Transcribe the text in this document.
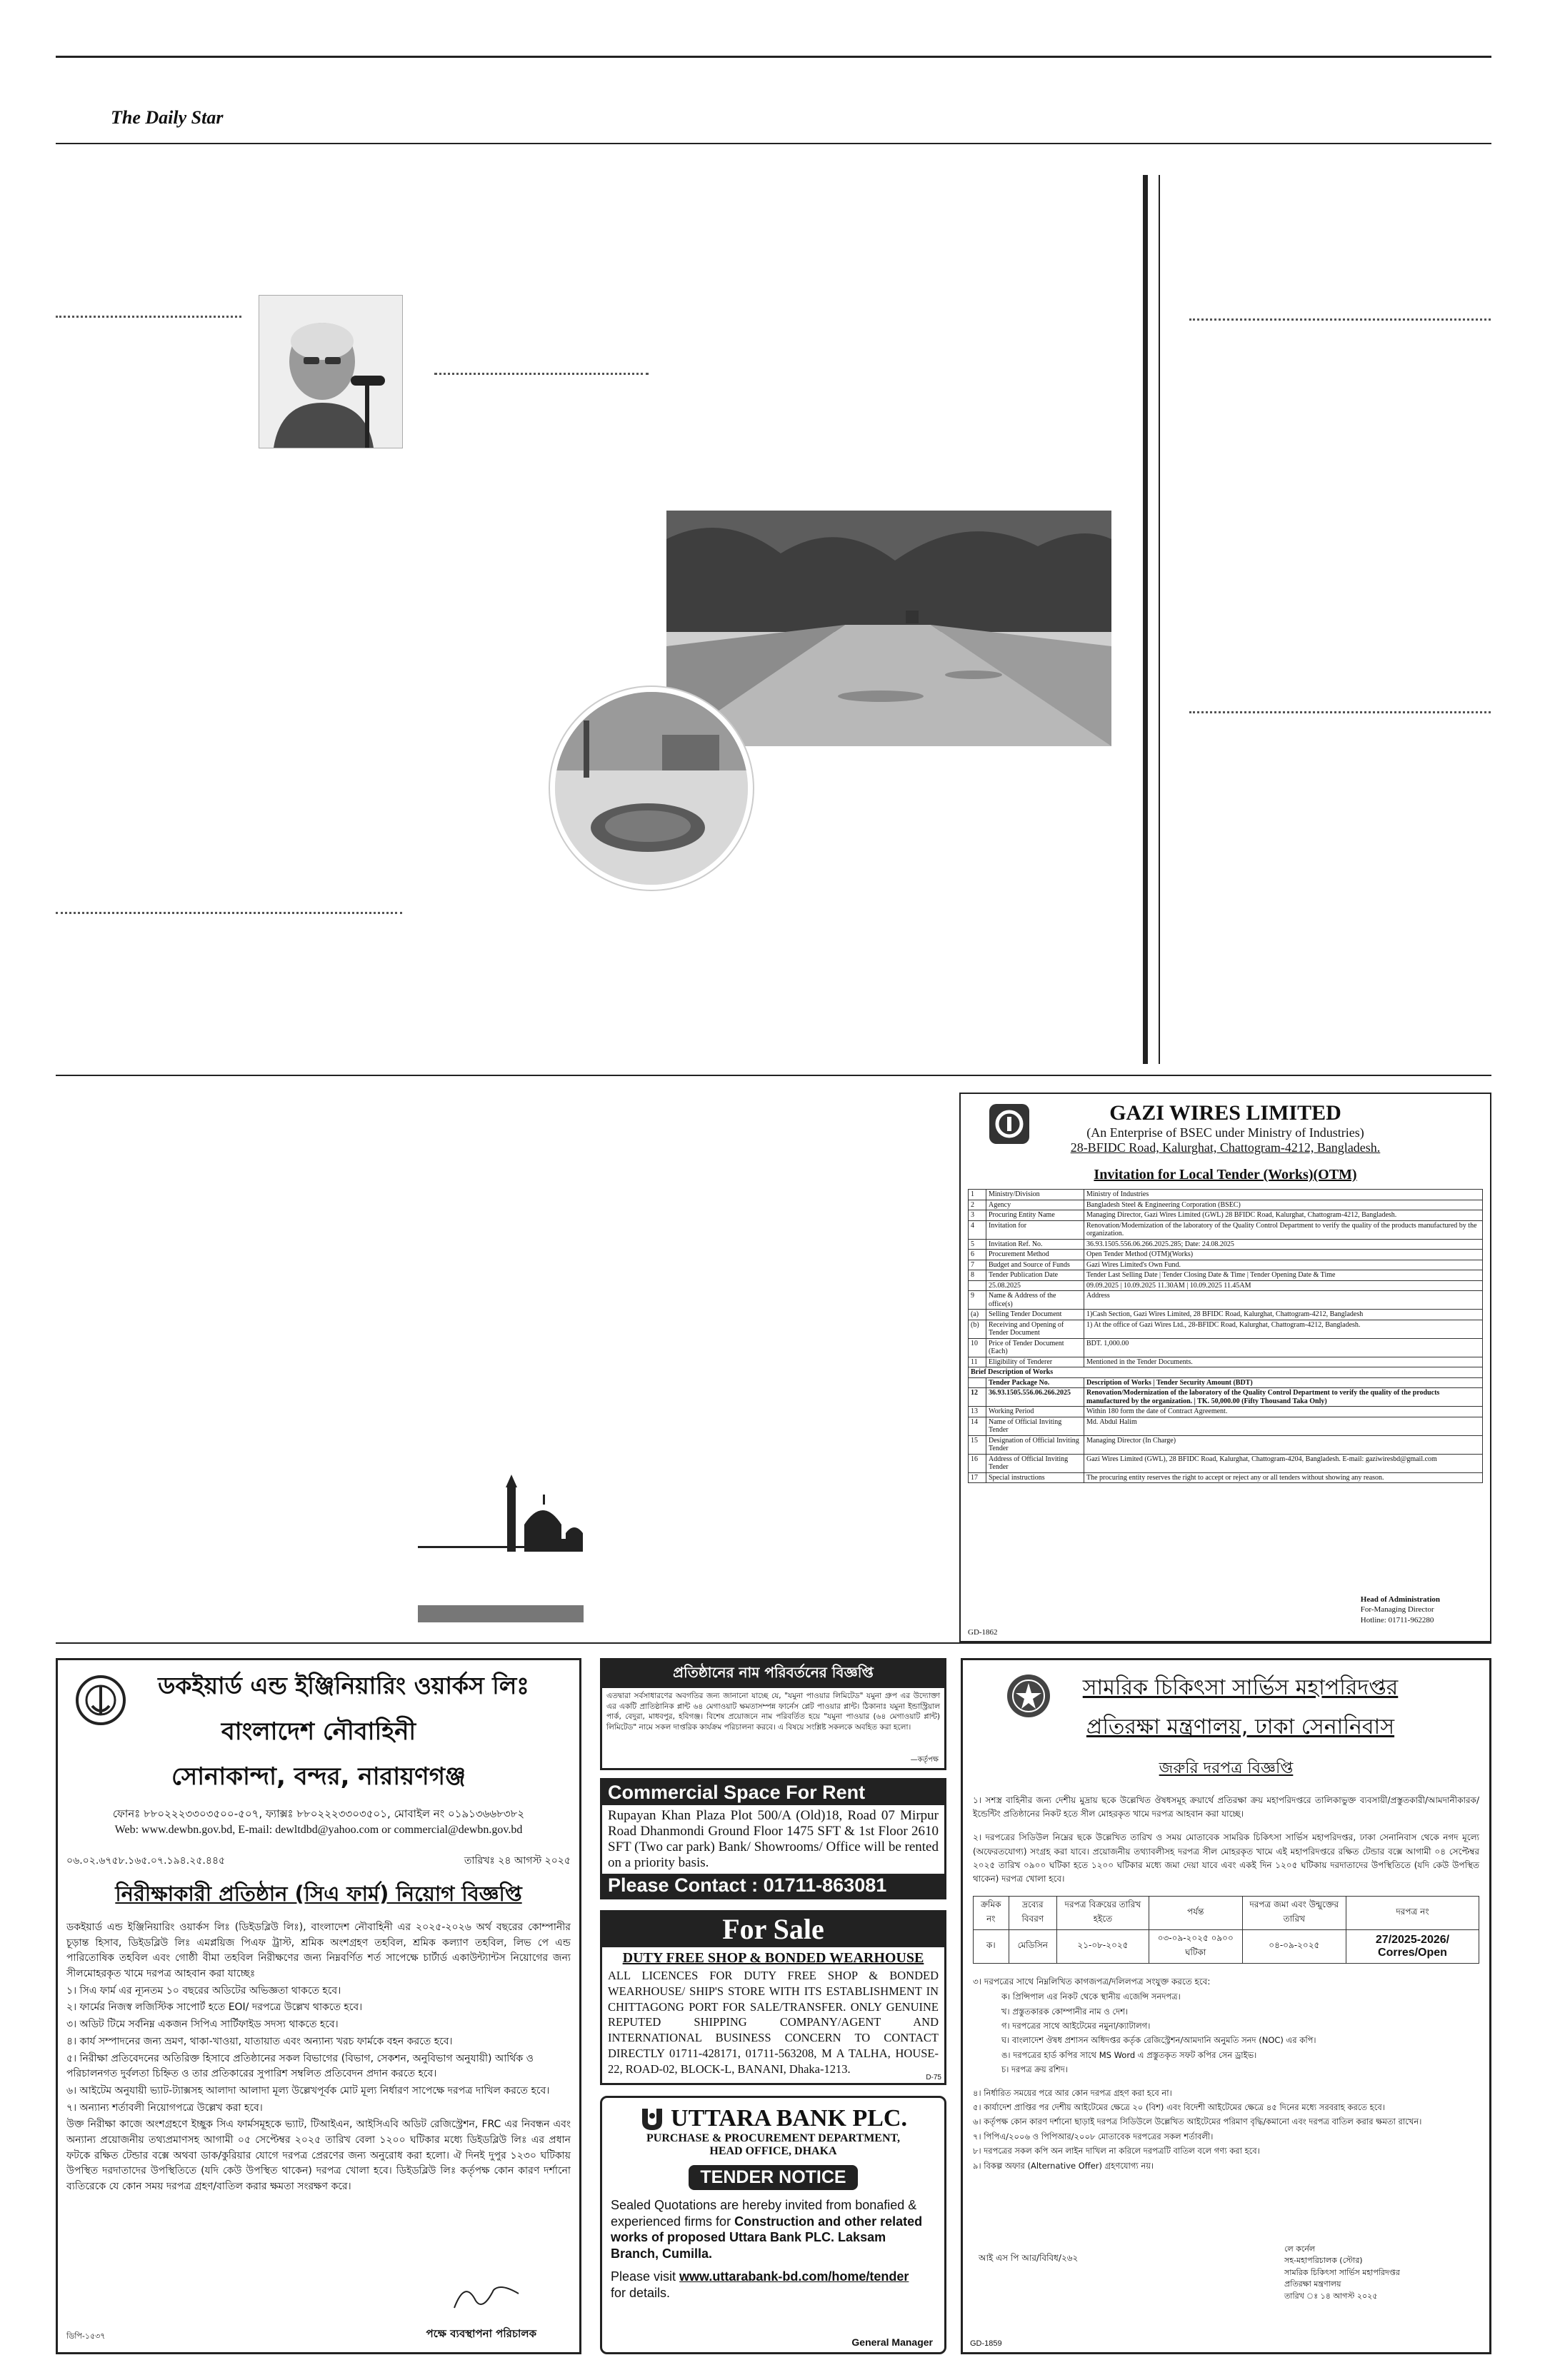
The Daily Star
GAZI WIRES LIMITED
(An Enterprise of BSEC under Ministry of Industries)
28-BFIDC Road, Kalurghat, Chattogram-4212, Bangladesh.
Invitation for Local Tender (Works)(OTM)
1	Ministry/Division	Ministry of Industries
2	Agency	Bangladesh Steel & Engineering Corporation (BSEC)
3	Procuring Entity Name	Managing Director, Gazi Wires Limited (GWL) 28 BFIDC Road, Kalurghat, Chattogram-4212, Bangladesh.
4	Invitation for	Renovation/Modernization of the laboratory of the Quality Control Department to verify the quality of the products manufactured by the organization.
5	Invitation Ref. No.	36.93.1505.556.06.266.2025.285; Date: 24.08.2025
6	Procurement Method	Open Tender Method (OTM)(Works)
7	Budget and Source of Funds	Gazi Wires Limited's Own Fund.
8	Tender Publication Date	Tender Last Selling Date | Tender Closing Date & Time | Tender Opening Date & Time
	25.08.2025	09.09.2025 | 10.09.2025 11.30AM | 10.09.2025 11.45AM
9	Name & Address of the office(s)	Address
(a)	Selling Tender Document	1)Cash Section, Gazi Wires Limited, 28 BFIDC Road, Kalurghat, Chattogram-4212, Bangladesh
(b)	Receiving and Opening of Tender Document	1) At the office of Gazi Wires Ltd., 28-BFIDC Road, Kalurghat, Chattogram-4212, Bangladesh.
10	Price of Tender Document (Each)	BDT. 1,000.00
11	Eligibility of Tenderer	Mentioned in the Tender Documents.
Brief Description of Works		
	Tender Package No.	Description of Works | Tender Security Amount (BDT)
12	36.93.1505.556.06.266.2025	Renovation/Modernization of the laboratory of the Quality Control Department to verify the quality of the products manufactured by the organization. | TK. 50,000.00 (Fifty Thousand Taka Only)
13	Working Period	Within 180 form the date of Contract Agreement.
14	Name of Official Inviting Tender	Md. Abdul Halim
15	Designation of Official Inviting Tender	Managing Director (In Charge)
16	Address of Official Inviting Tender	Gazi Wires Limited (GWL), 28 BFIDC Road, Kalurghat, Chattogram-4204, Bangladesh. E-mail: gaziwiresbd@gmail.com
17	Special instructions	The procuring entity reserves the right to accept or reject any or all tenders without showing any reason.
Head of Administration
For-Managing Director
Hotline: 01711-962280
GD-1862
ডকইয়ার্ড এন্ড ইঞ্জিনিয়ারিং ওয়ার্কস লিঃ
বাংলাদেশ নৌবাহিনী
সোনাকান্দা, বন্দর, নারায়ণগঞ্জ
ফোনঃ ৮৮০২২২৩৩০৩৫০০-৫০৭, ফ্যাক্সঃ ৮৮০২২২৩৩০৩৫০১, মোবাইল নং ০১৯১৩৬৬৮৩৮২
Web: www.dewbn.gov.bd, E-mail: dewltdbd@yahoo.com or commercial@dewbn.gov.bd
০৬.০২.৬৭৫৮.১৬৫.০৭.১৯৪.২৫.৪৪৫	তারিখঃ ২৪ আগস্ট ২০২৫
নিরীক্ষাকারী প্রতিষ্ঠান (সিএ ফার্ম) নিয়োগ বিজ্ঞপ্তি
ডকইয়ার্ড এন্ড ইঞ্জিনিয়ারিং ওয়ার্কস লিঃ (ডিইডব্লিউ লিঃ), বাংলাদেশ নৌবাহিনী এর ২০২৫-২০২৬ অর্থ বছরের কোম্পানীর চূড়ান্ত হিসাব, ডিইডব্লিউ লিঃ এমপ্লয়িজ পিএফ ট্রাস্ট, শ্রমিক অংশগ্রহণ তহবিল, শ্রমিক কল্যাণ তহবিল, লিভ পে এন্ড পারিতোষিক তহবিল এবং গোষ্ঠী বীমা তহবিল নিরীক্ষণের জন্য নিম্নবর্ণিত শর্ত সাপেক্ষে চার্টার্ড একাউন্ট্যান্টস নিয়োগের জন্য সীলমোহরকৃত খামে দরপত্র আহবান করা যাচ্ছেঃ
১। সিএ ফার্ম এর ন্যূনতম ১০ বছরের অডিটের অভিজ্ঞতা থাকতে হবে।
২। ফার্মের নিজস্ব লজিস্টিক সাপোর্ট হতে EOI/ দরপত্রে উল্লেখ থাকতে হবে।
৩। অডিট টিমে সর্বনিম্ন একজন সিপিএ সার্টিফাইড সদস্য থাকতে হবে।
৪। কার্য সম্পাদনের জন্য ভ্রমণ, থাকা-খাওয়া, যাতায়াত এবং অন্যান্য খরচ ফার্মকে বহন করতে হবে।
৫। নিরীক্ষা প্রতিবেদনের অতিরিক্ত হিসাবে প্রতিষ্ঠানের সকল বিভাগের (বিভাগ, সেকশন, অনুবিভাগ অনুযায়ী) আর্থিক ও পরিচালনগত দুর্বলতা চিহ্নিত ও তার প্রতিকারের সুপারিশ সম্বলিত প্রতিবেদন প্রদান করতে হবে।
৬। আইটেম অনুযায়ী ভ্যাট-ট্যাক্সসহ আলাদা আলাদা মূল্য উল্লেখপূর্বক মোট মূল্য নির্ধারণ সাপেক্ষে দরপত্র দাখিল করতে হবে।
৭। অন্যান্য শর্তাবলী নিয়োগপত্রে উল্লেখ করা হবে।
উক্ত নিরীক্ষা কাজে অংশগ্রহণে ইচ্ছুক সিএ ফার্মসমূহকে ভ্যাট, টিআইএন, আইসিএবি অডিট রেজিস্ট্রেশন, FRC এর নিবন্ধন এবং অন্যান্য প্রয়োজনীয় তথ্যপ্রমাণসহ আগামী ০৫ সেপ্টেম্বর ২০২৫ তারিখ বেলা ১২০০ ঘটিকার মধ্যে ডিইডব্লিউ লিঃ এর প্রধান ফটকে রক্ষিত টেন্ডার বক্সে অথবা ডাক/কুরিয়ার যোগে দরপত্র প্রেরণের জন্য অনুরোধ করা হলো। ঐ দিনই দুপুর ১২৩০ ঘটিকায় উপস্থিত দরদাতাদের উপস্থিতিতে (যদি কেউ উপস্থিত থাকেন) দরপত্র খোলা হবে। ডিইডব্লিউ লিঃ কর্তৃপক্ষ কোন কারণ দর্শানো ব্যতিরেকে যে কোন সময় দরপত্র গ্রহণ/বাতিল করার ক্ষমতা সংরক্ষণ করে।
পক্ষে ব্যবস্থাপনা পরিচালক
ডিপি-১৫৩৭
প্রতিষ্ঠানের নাম পরিবর্তনের বিজ্ঞপ্তি
এতদ্বারা সর্বসাধারণের অবগতির জন্য জানানো যাচ্ছে যে, "যমুনা পাওয়ার লিমিটেড" যমুনা গ্রুপ এর উদ্যোক্তা এর একটি প্রাতিষ্ঠানিক প্লান্ট ৬৪ মেগাওয়াট ক্ষমতাসম্পন্ন ফার্নেস প্লেট পাওয়ার প্লান্ট। ঠিকানাঃ যমুনা ইন্ডাস্ট্রিয়াল পার্ক, বেদুরা, মাধবপুর, হবিগঞ্জ। বিশেষ প্রয়োজনে নাম পরিবর্তিত হয়ে "যমুনা পাওয়ার (৬৪ মেগাওয়াট প্লান্ট) লিমিটেড" নামে সকল দাপ্তরিক কার্যক্রম পরিচালনা করবে। এ বিষয়ে সংশ্লিষ্ট সকলকে অবহিত করা হলো।
—কর্তৃপক্ষ
Commercial Space For Rent
Rupayan Khan Plaza Plot 500/A (Old)18, Road 07 Mirpur Road Dhanmondi Ground Floor 1475 SFT & 1st Floor 2610 SFT (Two car park) Bank/ Showrooms/ Office will be rented on a priority basis.
Please Contact : 01711-863081
For Sale
DUTY FREE SHOP & BONDED WEARHOUSE
ALL LICENCES FOR DUTY FREE SHOP & BONDED WEARHOUSE/ SHIP'S STORE WITH ITS ESTABLISHMENT IN CHITTAGONG PORT FOR SALE/TRANSFER. ONLY GENUINE REPUTED SHIPPING COMPANY/AGENT AND INTERNATIONAL BUSINESS CONCERN TO CONTACT DIRECTLY 01711-428171, 01711-563208, M A TALHA, HOUSE-22, ROAD-02, BLOCK-L, BANANI, Dhaka-1213.
D-75
UTTARA BANK PLC.
PURCHASE & PROCUREMENT DEPARTMENT,
HEAD OFFICE, DHAKA
TENDER NOTICE
Sealed Quotations are hereby invited from bonafied & experienced firms for Construction and other related works of proposed Uttara Bank PLC. Laksam Branch, Cumilla.
Please visit www.uttarabank-bd.com/home/tender
for details.
General Manager
সামরিক চিকিৎসা সার্ভিস মহাপরিদপ্তর
প্রতিরক্ষা মন্ত্রণালয়, ঢাকা সেনানিবাস
জরুরি দরপত্র বিজ্ঞপ্তি
১। সশস্ত্র বাহিনীর জন্য দেশীয় মুদ্রায় ছকে উল্লেখিত ঔষধসমূহ ক্রয়ার্থে প্রতিরক্ষা ক্রয় মহাপরিদপ্তরে তালিকাভুক্ত ব্যবসায়ী/প্রস্তুতকারী/আমদানীকারক/ইন্ডেন্টিং প্রতিষ্ঠানের নিকট হতে সীল মোহরকৃত খামে দরপত্র আহবান করা যাচ্ছে।
২। দরপত্রের সিডিউল নিম্নের ছকে উল্লেখিত তারিখ ও সময় মোতাবেক সামরিক চিকিৎসা সার্ভিস মহাপরিদপ্তর, ঢাকা সেনানিবাস থেকে নগদ মূল্যে (অফেরতযোগ্য) সংগ্রহ করা যাবে। প্রয়োজনীয় তথ্যাবলীসহ দরপত্র সীল মোহরকৃত খামে এই মহাপরিদপ্তরে রক্ষিত টেন্ডার বক্সে আগামী ০৪ সেপ্টেম্বর ২০২৫ তারিখ ০৯০০ ঘটিকা হতে ১২০০ ঘটিকার মধ্যে জমা দেয়া যাবে এবং একই দিন ১২০৫ ঘটিকায় দরদাতাদের উপস্থিতিতে (যদি কেউ উপস্থিত থাকেন) দরপত্র খোলা হবে।
ক্রমিক নং	দ্রব্যের বিবরণ	দরপত্র বিক্রয়ের তারিখ হইতে	পর্যন্ত	দরপত্র জমা এবং উন্মুক্তের তারিখ	দরপত্র নং
ক।	মেডিসিন	২১-০৮-২০২৫	০৩-০৯-২০২৫ ০৯০০ ঘটিকা	০৪-০৯-২০২৫	27/2025-2026/ Corres/Open
৩। দরপত্রের সাথে নিম্নলিখিত কাগজপত্র/দলিলপত্র সংযুক্ত করতে হবে:
ক। প্রিন্সিপাল এর নিকট থেকে স্থানীয় এজেন্সি সনদপত্র।
খ। প্রস্তুতকারক কোম্পানীর নাম ও দেশ।
গ। দরপত্রের সাথে আইটেমের নমুনা/ক্যাটালগ।
ঘ। বাংলাদেশ ঔষধ প্রশাসন অধিদপ্তর কর্তৃক রেজিস্ট্রেশন/আমদানি অনুমতি সনদ (NOC) এর কপি।
ঙ। দরপত্রের হার্ড কপির সাথে MS Word এ প্রস্তুতকৃত সফট কপির সেন ড্রাইভ।
চ। দরপত্র ক্রয় রশিদ।
৪। নির্ধারিত সময়ের পরে আর কোন দরপত্র গ্রহণ করা হবে না।
৫। কার্যাদেশ প্রাপ্তির পর দেশীয় আইটেমের ক্ষেত্রে ২০ (বিশ) এবং বিদেশী আইটেমের ক্ষেত্রে ৪৫ দিনের মধ্যে সরবরাহ করতে হবে।
৬। কর্তৃপক্ষ কোন কারণ দর্শানো ছাড়াই দরপত্র সিডিউলে উল্লেখিত আইটেমের পরিমাণ বৃদ্ধি/কমানো এবং দরপত্র বাতিল করার ক্ষমতা রাখেন।
৭। পিপিএ/২০০৬ ও পিপিআর/২০০৮ মোতাবেক দরপত্রের সকল শর্তাবলী।
৮। দরপত্রের সকল কপি অন লাইন দাখিল না করিলে দরপত্রটি বাতিল বলে গণ্য করা হবে।
৯। বিকল্প অফার (Alternative Offer) গ্রহণযোগ্য নয়।
আই এস পি আর/বিবিধ/২৬২
লে কর্নেল
সহ-মহাপরিচালক (স্টোর)
সামরিক চিকিৎসা সার্ভিস মহাপরিদপ্তর
প্রতিরক্ষা মন্ত্রণালয়
তারিখ ঃ ১৪ আগস্ট ২০২৫
GD-1859
